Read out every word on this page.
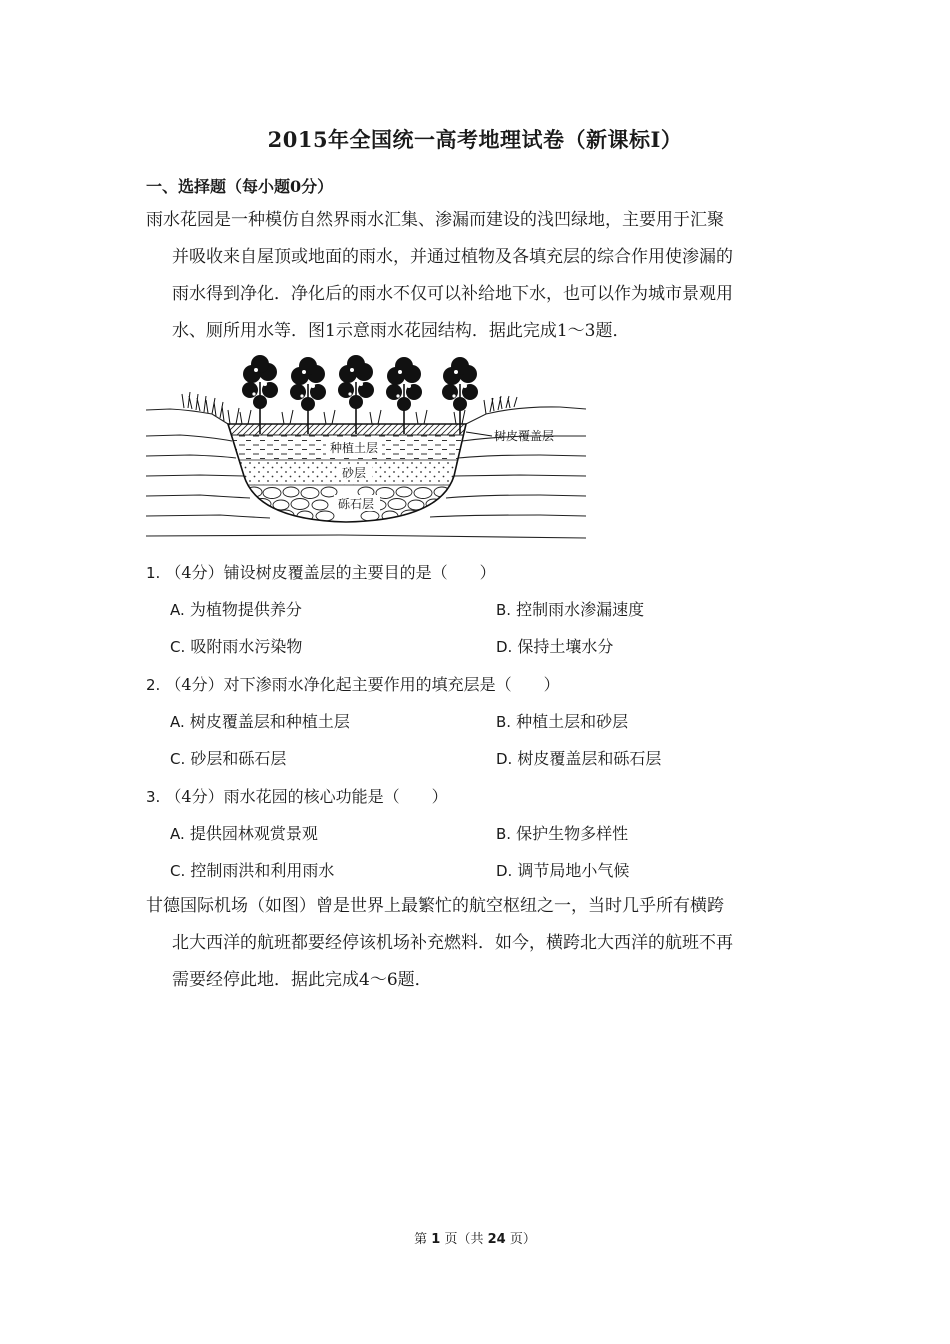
2015年全国统一高考地理试卷（新课标Ⅰ）
一、选择题（每小题0分）
雨水花园是一种模仿自然界雨水汇集、渗漏而建设的浅凹绿地，主要用于汇聚
并吸收来自屋顶或地面的雨水，并通过植物及各填充层的综合作用使渗漏的
雨水得到净化．净化后的雨水不仅可以补给地下水，也可以作为城市景观用
水、厕所用水等．图1示意雨水花园结构．据此完成1～3题．
树皮覆盖层
种植土层
砂层
砾石层
1. （4分）铺设树皮覆盖层的主要目的是（　　）
A. 为植物提供养分	B. 控制雨水渗漏速度
C. 吸附雨水污染物	D. 保持土壤水分
2. （4分）对下渗雨水净化起主要作用的填充层是（　　）
A. 树皮覆盖层和种植土层	B. 种植土层和砂层
C. 砂层和砾石层	D. 树皮覆盖层和砾石层
3. （4分）雨水花园的核心功能是（　　）
A. 提供园林观赏景观	B. 保护生物多样性
C. 控制雨洪和利用雨水	D. 调节局地小气候
甘德国际机场（如图）曾是世界上最繁忙的航空枢纽之一，当时几乎所有横跨
北大西洋的航班都要经停该机场补充燃料．如今，横跨北大西洋的航班不再
需要经停此地．据此完成4～6题．
第 1 页（共 24 页）
